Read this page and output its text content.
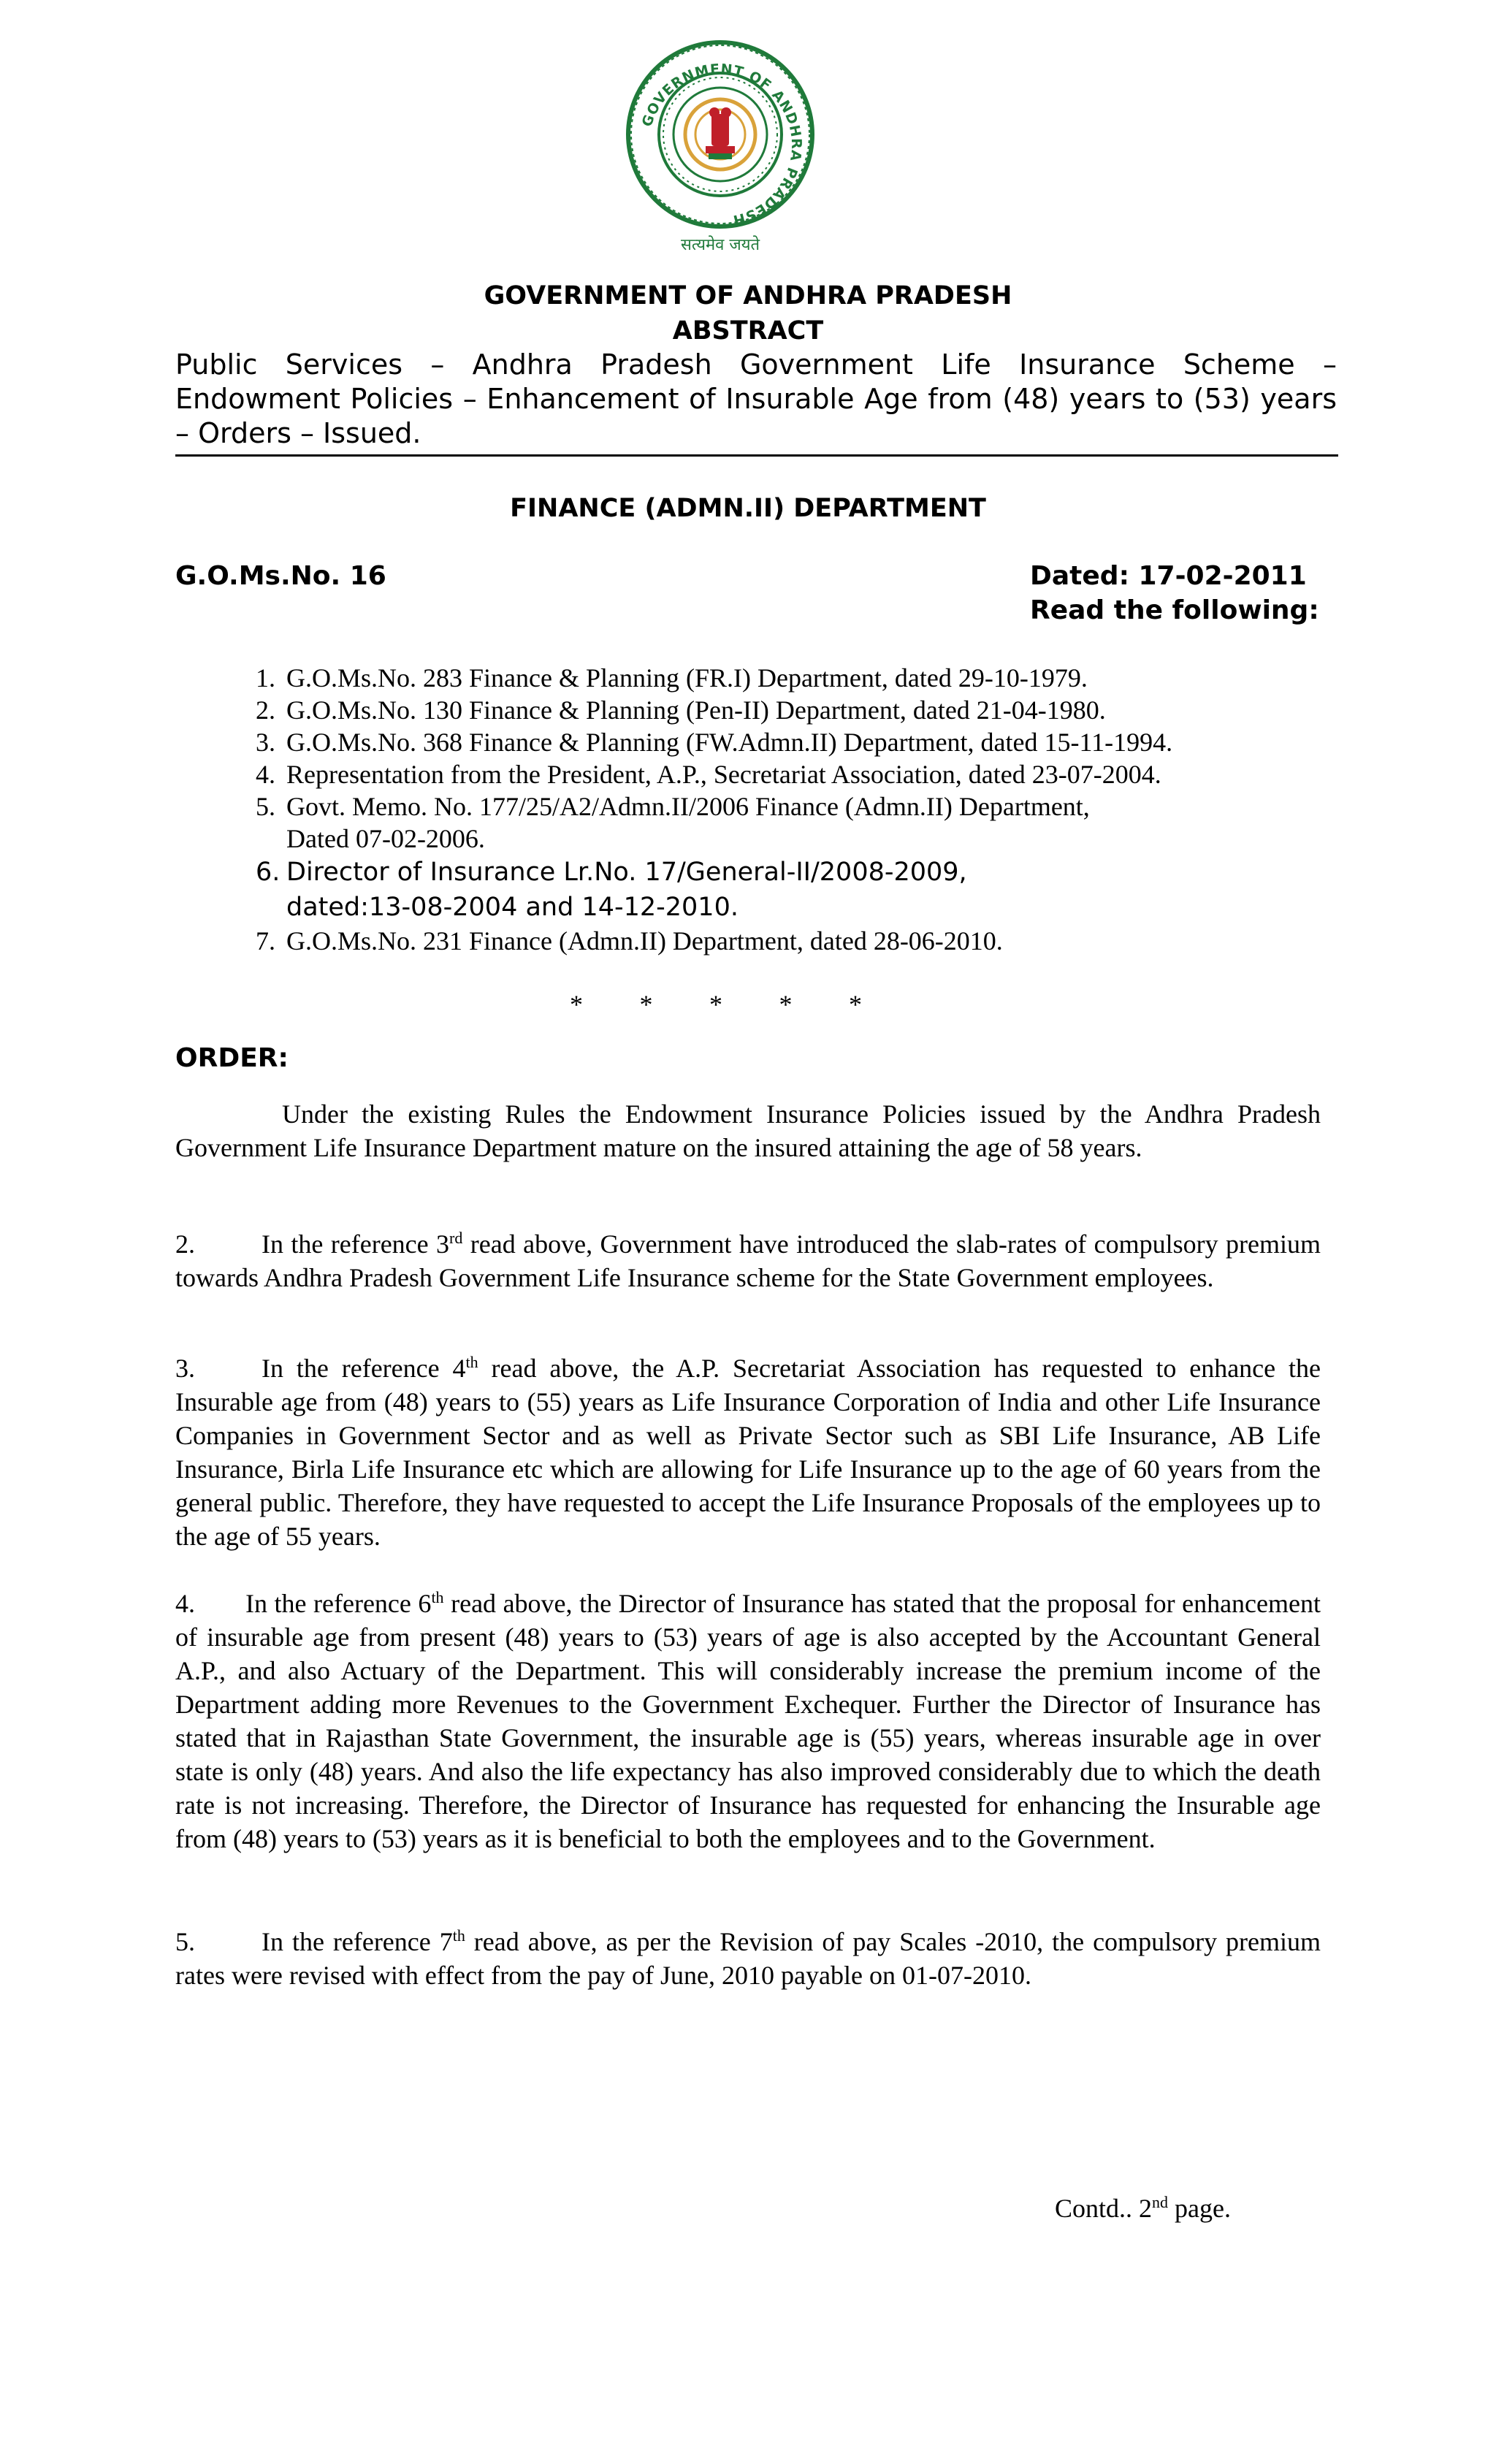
GOVERNMENT OF ANDHRA PRADESH
सत्यमेव जयते
GOVERNMENT OF ANDHRA PRADESH
ABSTRACT
Public Services – Andhra Pradesh Government Life Insurance Scheme – Endowment Policies – Enhancement of Insurable Age from (48) years to (53) years – Orders – Issued.
FINANCE (ADMN.II) DEPARTMENT
G.O.Ms.No. 16	Dated: 17-02-2011
Read the following:
1. G.O.Ms.No. 283 Finance & Planning (FR.I) Department, dated 29-10-1979.
2. G.O.Ms.No. 130 Finance & Planning (Pen-II) Department, dated 21-04-1980.
3. G.O.Ms.No. 368 Finance & Planning (FW.Admn.II) Department, dated 15-11-1994.
4. Representation from the President, A.P., Secretariat Association, dated 23-07-2004.
5. Govt. Memo. No. 177/25/A2/Admn.II/2006 Finance (Admn.II) Department,
Dated 07-02-2006.
6. Director of Insurance Lr.No. 17/General-II/2008-2009,
dated:13-08-2004 and 14-12-2010.
7. G.O.Ms.No. 231 Finance (Admn.II) Department, dated 28-06-2010.
* * * * *
ORDER:

Under the existing Rules the Endowment Insurance Policies issued by the Andhra Pradesh Government Life Insurance Department mature on the insured attaining the age of 58 years.

2.	In the reference 3rd read above, Government have introduced the slab-rates of compulsory premium towards Andhra Pradesh Government Life Insurance scheme for the State Government employees.

3.	In the reference 4th read above, the A.P. Secretariat Association has requested to enhance the Insurable age from (48) years to (55) years as Life Insurance Corporation of India and other Life Insurance Companies in Government Sector and as well as Private Sector such as SBI Life Insurance, AB Life Insurance, Birla Life Insurance etc which are allowing for Life Insurance up to the age of 60 years from the general public. Therefore, they have requested to accept the Life Insurance Proposals of the employees up to the age of 55 years.

4. In the reference 6th read above, the Director of Insurance has stated that the proposal for enhancement of insurable age from present (48) years to (53) years of age is also accepted by the Accountant General A.P., and also Actuary of the Department. This will considerably increase the premium income of the Department adding more Revenues to the Government Exchequer. Further the Director of Insurance has stated that in Rajasthan State Government, the insurable age is (55) years, whereas insurable age in over state is only (48) years. And also the life expectancy has also improved considerably due to which the death rate is not increasing. Therefore, the Director of Insurance has requested for enhancing the Insurable age from (48) years to (53) years as it is beneficial to both the employees and to the Government.

5.	In the reference 7th read above, as per the Revision of pay Scales -2010, the compulsory premium rates were revised with effect from the pay of June, 2010 payable on 01-07-2010.

Contd.. 2nd page.
